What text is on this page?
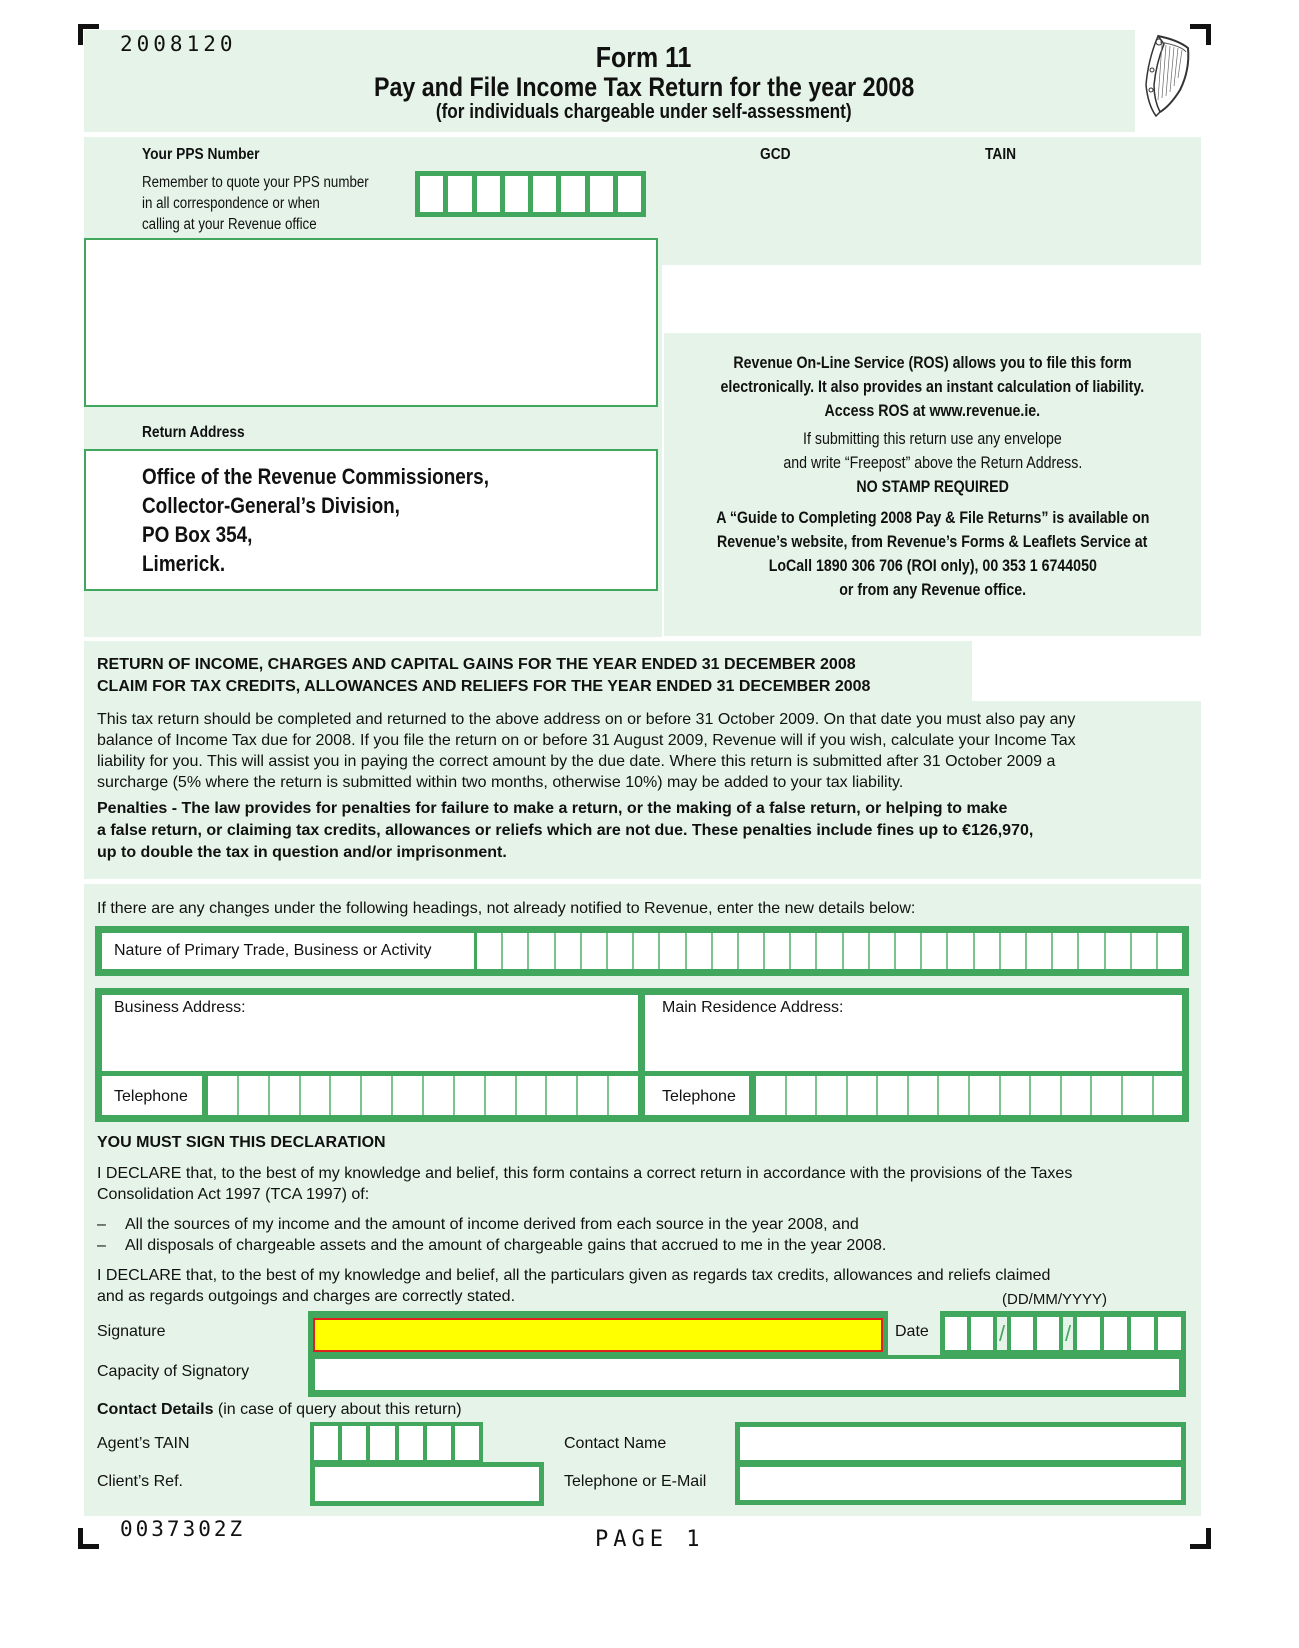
2008120	Form 11
Pay and File Income Tax Return for the year 2008
(for individuals chargeable under self-assessment)
Your PPS Number
Remember to quote your PPS number
in all correspondence or when
calling at your Revenue office
GCD	TAIN
Return Address
Office of the Revenue Commissioners,
Collector-General’s Division,
PO Box 354,
Limerick.
Revenue On-Line Service (ROS) allows you to file this form
electronically. It also provides an instant calculation of liability.
Access ROS at www.revenue.ie.
If submitting this return use any envelope
and write “Freepost” above the Return Address.
NO STAMP REQUIRED
A “Guide to Completing 2008 Pay & File Returns” is available on
Revenue’s website, from Revenue’s Forms & Leaflets Service at
LoCall 1890 306 706 (ROI only), 00 353 1 6744050
or from any Revenue office.
RETURN OF INCOME, CHARGES AND CAPITAL GAINS FOR THE YEAR ENDED 31 DECEMBER 2008
CLAIM FOR TAX CREDITS, ALLOWANCES AND RELIEFS FOR THE YEAR ENDED 31 DECEMBER 2008
This tax return should be completed and returned to the above address on or before 31 October 2009. On that date you must also pay any
balance of Income Tax due for 2008. If you file the return on or before 31 August 2009, Revenue will if you wish, calculate your Income Tax
liability for you. This will assist you in paying the correct amount by the due date. Where this return is submitted after 31 October 2009 a
surcharge (5% where the return is submitted within two months, otherwise 10%) may be added to your tax liability.
Penalties - The law provides for penalties for failure to make a return, or the making of a false return, or helping to make
a false return, or claiming tax credits, allowances or reliefs which are not due. These penalties include fines up to €126,970,
up to double the tax in question and/or imprisonment.
If there are any changes under the following headings, not already notified to Revenue, enter the new details below:
Nature of Primary Trade, Business or Activity
Business Address:	Main Residence Address:
Telephone	Telephone
YOU MUST SIGN THIS DECLARATION
I DECLARE that, to the best of my knowledge and belief, this form contains a correct return in accordance with the provisions of the Taxes
Consolidation Act 1997 (TCA 1997) of:
– All the sources of my income and the amount of income derived from each source in the year 2008, and
– All disposals of chargeable assets and the amount of chargeable gains that accrued to me in the year 2008.
I DECLARE that, to the best of my knowledge and belief, all the particulars given as regards tax credits, allowances and reliefs claimed
and as regards outgoings and charges are correctly stated.	(DD/MM/YYYY)
Signature	Date	/	/
Capacity of Signatory
Contact Details (in case of query about this return)
Agent’s TAIN
Client’s Ref.
Contact Name
Telephone or E-Mail
0037302Z	PAGE 1
